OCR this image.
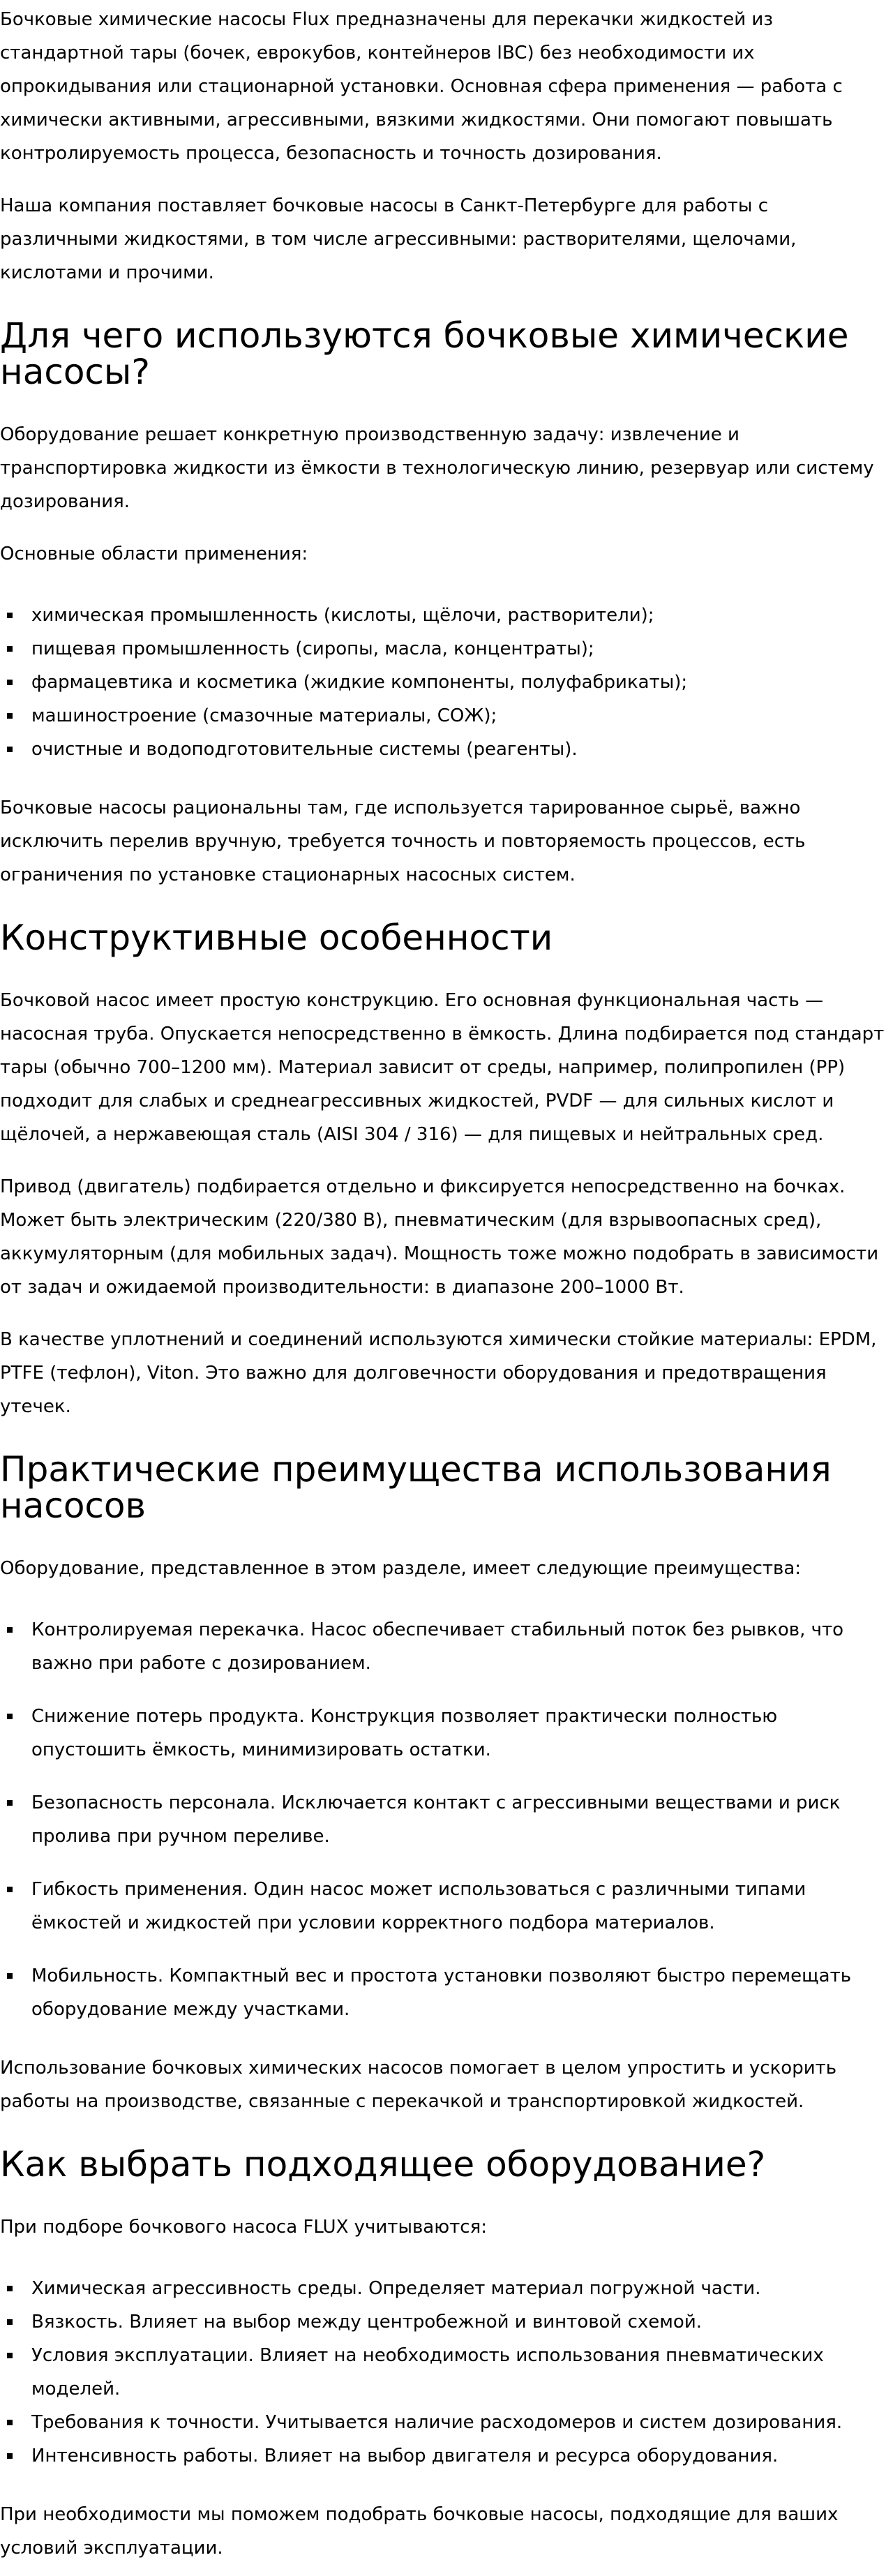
Бочковые химические насосы Flux предназначены для перекачки жидкостей из стандартной тары (бочек, еврокубов, контейнеров IBC) без необходимости их опрокидывания или стационарной установки. Основная сфера применения — работа с химически активными, агрессивными, вязкими жидкостями. Они помогают повышать контролируемость процесса, безопасность и точность дозирования.

Наша компания поставляет бочковые насосы в Санкт-Петербурге для работы с различными жидкостями, в том числе агрессивными: растворителями, щелочами, кислотами и прочими.

Для чего используются бочковые химические насосы?

Оборудование решает конкретную производственную задачу: извлечение и транспортировка жидкости из ёмкости в технологическую линию, резервуар или систему дозирования.

Основные области применения:

химическая промышленность (кислоты, щёлочи, растворители);
пищевая промышленность (сиропы, масла, концентраты);
фармацевтика и косметика (жидкие компоненты, полуфабрикаты);
машиностроение (смазочные материалы, СОЖ);
очистные и водоподготовительные системы (реагенты).

Бочковые насосы рациональны там, где используется тарированное сырьё, важно исключить перелив вручную, требуется точность и повторяемость процессов, есть ограничения по установке стационарных насосных систем.

Конструктивные особенности

Бочковой насос имеет простую конструкцию. Его основная функциональная часть — насосная труба. Опускается непосредственно в ёмкость. Длина подбирается под стандарт тары (обычно 700–1200 мм). Материал зависит от среды, например, полипропилен (PP) подходит для слабых и среднеагрессивных жидкостей, PVDF — для сильных кислот и щёлочей, а нержавеющая сталь (AISI 304 / 316) — для пищевых и нейтральных сред.

Привод (двигатель) подбирается отдельно и фиксируется непосредственно на бочках. Может быть электрическим (220/380 В), пневматическим (для взрывоопасных сред), аккумуляторным (для мобильных задач). Мощность тоже можно подобрать в зависимости от задач и ожидаемой производительности: в диапазоне 200–1000 Вт.

В качестве уплотнений и соединений используются химически стойкие материалы: EPDM, PTFE (тефлон), Viton. Это важно для долговечности оборудования и предотвращения утечек.

Практические преимущества использования насосов

Оборудование, представленное в этом разделе, имеет следующие преимущества:

Контролируемая перекачка. Насос обеспечивает стабильный поток без рывков, что важно при работе с дозированием.
Снижение потерь продукта. Конструкция позволяет практически полностью опустошить ёмкость, минимизировать остатки.
Безопасность персонала. Исключается контакт с агрессивными веществами и риск пролива при ручном переливе.
Гибкость применения. Один насос может использоваться с различными типами ёмкостей и жидкостей при условии корректного подбора материалов.
Мобильность. Компактный вес и простота установки позволяют быстро перемещать оборудование между участками.

Использование бочковых химических насосов помогает в целом упростить и ускорить работы на производстве, связанные с перекачкой и транспортировкой жидкостей.

Как выбрать подходящее оборудование?

При подборе бочкового насоса FLUX учитываются:

Химическая агрессивность среды. Определяет материал погружной части.
Вязкость. Влияет на выбор между центробежной и винтовой схемой.
Условия эксплуатации. Влияет на необходимость использования пневматических моделей.
Требования к точности. Учитывается наличие расходомеров и систем дозирования.
Интенсивность работы. Влияет на выбор двигателя и ресурса оборудования.

При необходимости мы поможем подобрать бочковые насосы, подходящие для ваших условий эксплуатации.
